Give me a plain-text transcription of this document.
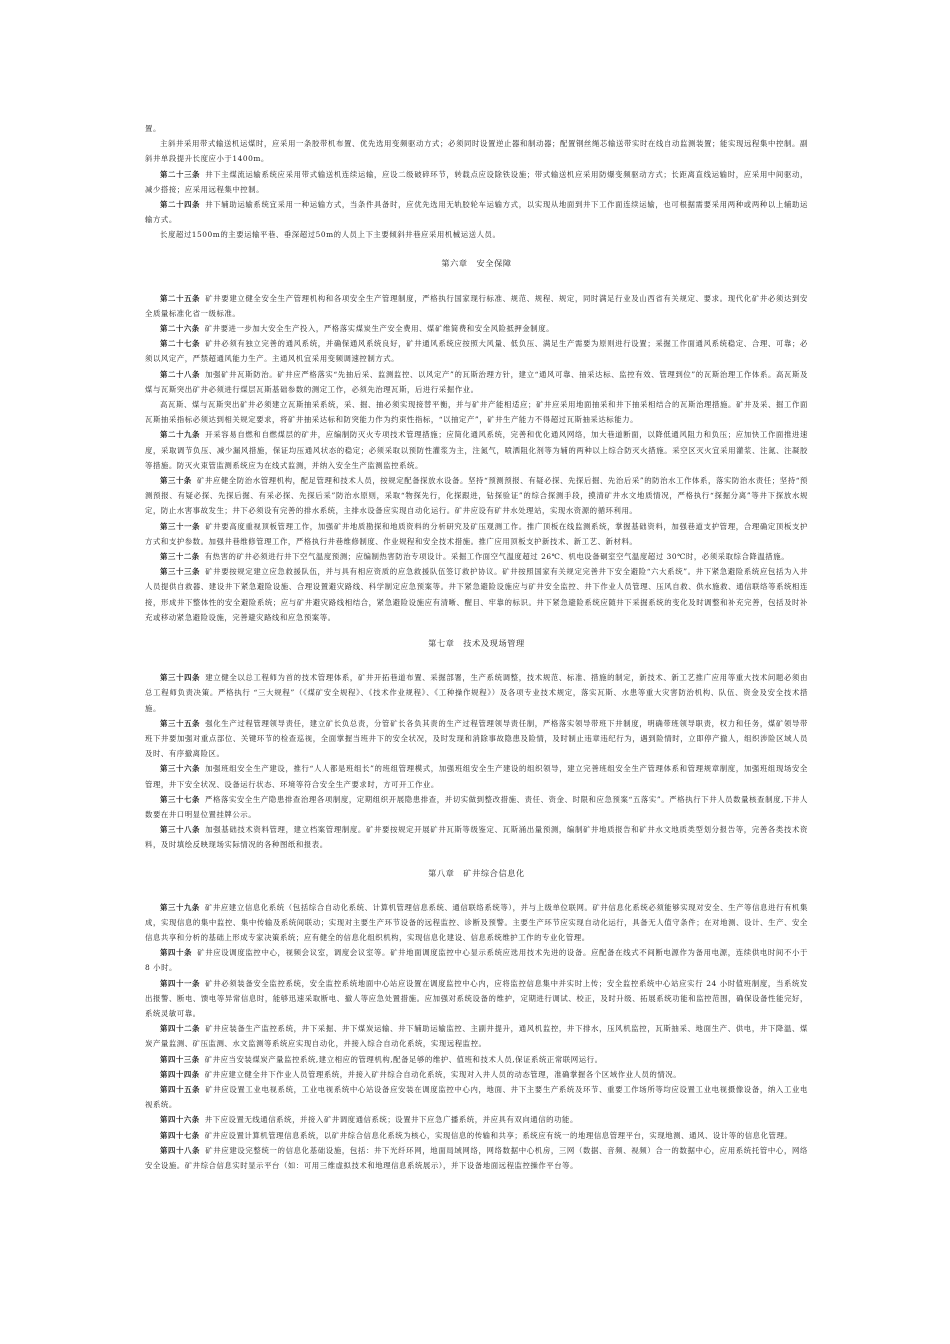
置。

主斜井采用带式输送机运煤时，应采用一条胶带机布置、优先选用变频驱动方式；必须同时设置逆止器和制动器；配置钢丝绳芯输送带实时在线自动监测装置；能实现远程集中控制。副斜井单段提升长度应小于1400m。

第二十三条 井下主煤流运输系统应采用带式输送机连续运输，应设二级破碎环节，转载点应设除铁设施；带式输送机应采用防爆变频驱动方式；长距离直线运输时，应采用中间驱动，减少搭接；应采用远程集中控制。

第二十四条 井下辅助运输系统宜采用一种运输方式，当条件具备时，应优先选用无轨胶轮车运输方式，以实现从地面到井下工作面连续运输，也可根据需要采用两种或两种以上辅助运输方式。

长度超过1500m的主要运输平巷、垂深超过50m的人员上下主要倾斜井巷应采用机械运送人员。

第六章　安全保障

第二十五条 矿井要建立健全安全生产管理机构和各项安全生产管理制度，严格执行国家现行标准、规范、规程、规定，同时满足行业及山西省有关规定、要求。现代化矿井必须达到安全质量标准化省一级标准。

第二十六条 矿井要进一步加大安全生产投入，严格落实煤炭生产安全费用、煤矿维简费和安全风险抵押金制度。

第二十七条 矿井必须有独立完善的通风系统，并确保通风系统良好，矿井通风系统应按照大风量、低负压、满足生产需要为原则进行设置；采掘工作面通风系统稳定、合理、可靠；必须以风定产，严禁超通风能力生产。主通风机宜采用变频调速控制方式。

第二十八条 加强矿井瓦斯防治。矿井应严格落实“先抽后采、监测监控、以风定产”的瓦斯治理方针，建立“通风可靠、抽采达标、监控有效、管理到位”的瓦斯治理工作体系。高瓦斯及煤与瓦斯突出矿井必须进行煤层瓦斯基础参数的测定工作，必须先治理瓦斯，后进行采掘作业。

高瓦斯、煤与瓦斯突出矿井必须建立瓦斯抽采系统，采、掘、抽必须实现接替平衡，并与矿井产能相适应；矿井应采用地面抽采和井下抽采相结合的瓦斯治理措施。矿井及采、掘工作面瓦斯抽采指标必须达到相关规定要求，将矿井抽采达标和防突能力作为约束性指标，“以抽定产”，矿井生产能力不得超过瓦斯抽采达标能力。

第二十九条 开采容易自燃和自燃煤层的矿井，应编制防灭火专项技术管理措施；应简化通风系统，完善和优化通风网络，加大巷道断面，以降低通风阻力和负压；应加快工作面推进速度，采取调节负压、减少漏风措施，保证均压通风状态的稳定；必须采取以预防性灌浆为主，注氮气，喷洒阻化剂等为辅的两种以上综合防灭火措施。采空区灭火宜采用灌浆、注氮、注凝胶等措施。防灭火束管监测系统应为在线式监测，并纳入安全生产监测监控系统。

第三十条 矿井应健全防治水管理机构，配足管理和技术人员，按规定配备探放水设备。坚持“预测预报、有疑必探、先探后掘、先治后采”的防治水工作体系，落实防治水责任；坚持“预测预报、有疑必探、先探后掘、有采必探、先探后采”防治水原则，采取“物探先行，化探跟进，钻探验证”的综合探测手段，摸清矿井水文地质情况，严格执行“探掘分离”等井下探放水规定，防止水害事故发生；井下必须设有完善的排水系统，主排水设备应实现自动化运行。矿井应设有矿井水处理站，实现水资源的循环利用。

第三十一条 矿井要高度重视顶板管理工作，加强矿井地质勘探和地质资料的分析研究及矿压观测工作。推广顶板在线监测系统，掌握基础资料，加强巷道支护管理，合理确定顶板支护方式和支护参数。加强井巷维修管理工作，严格执行井巷维修制度、作业规程和安全技术措施。推广应用顶板支护新技术、新工艺、新材料。

第三十二条 有热害的矿井必须进行井下空气温度预测；应编制热害防治专项设计。采掘工作面空气温度超过 26℃、机电设备硐室空气温度超过 30℃时，必须采取综合降温措施。

第三十三条 矿井要按规定建立应急救援队伍，并与具有相应资质的应急救援队伍签订救护协议。矿井按照国家有关规定完善井下安全避险“六大系统”。井下紧急避险系统应包括为入井人员提供自救器、建设井下紧急避险设施、合理设置避灾路线、科学制定应急预案等。井下紧急避险设施应与矿井安全监控、井下作业人员管理、压风自救、供水施救、通信联络等系统相连接，形成井下整体性的安全避险系统；应与矿井避灾路线相结合，紧急避险设施应有清晰、醒目、牢靠的标识。井下紧急避险系统应随井下采掘系统的变化及时调整和补充完善，包括及时补充或移动紧急避险设施，完善避灾路线和应急预案等。

第七章　技术及现场管理

第三十四条 建立健全以总工程师为首的技术管理体系，矿井开拓巷道布置、采掘部署，生产系统调整，技术规范、标准、措施的制定，新技术、新工艺推广应用等重大技术问题必须由总工程师负责决策。严格执行 “三大规程”（《煤矿安全规程》、《技术作业规程》、《工种操作规程》）及各项专业技术规定，落实瓦斯、水患等重大灾害防治机构、队伍、资金及安全技术措施。

第三十五条 强化生产过程管理领导责任，建立矿长负总责，分管矿长各负其责的生产过程管理领导责任制，严格落实领导带班下井制度，明确带班领导职责，权力和任务，煤矿领导带班下井要加强对重点部位、关键环节的检查巡视，全面掌握当班井下的安全状况，及时发现和消除事故隐患及险情，及时制止违章违纪行为，遇到险情时，立即停产撤人，组织涉险区域人员及时、有序撤离险区。

第三十六条 加强班组安全生产建设，推行“人人都是班组长”的班组管理模式，加强班组安全生产建设的组织领导，建立完善班组安全生产管理体系和管理规章制度，加强班组现场安全管理，井下安全状况、设备运行状态、环境等符合安全生产要求时，方可开工作业。

第三十七条 严格落实安全生产隐患排查治理各项制度，定期组织开展隐患排查，并切实做到整改措施、责任、资金、时限和应急预案“五落实”。严格执行下井人员数量核查制度,下井人数要在井口明显位置挂牌公示。

第三十八条 加强基础技术资料管理，建立档案管理制度。矿井要按规定开展矿井瓦斯等级鉴定、瓦斯涌出量预测，编制矿井地质报告和矿井水文地质类型划分报告等，完善各类技术资料，及时填绘反映现场实际情况的各种图纸和报表。

第八章　矿井综合信息化

第三十九条 矿井应建立信息化系统（包括综合自动化系统、计算机管理信息系统、通信联络系统等），并与上级单位联网。矿井信息化系统必须能够实现对安全、生产等信息进行有机集成，实现信息的集中监控、集中传输及系统间联动；实现对主要生产环节设备的远程监控、诊断及预警。主要生产环节应实现自动化运行，具备无人值守条件；在对地测、设计、生产、安全信息共享和分析的基础上形成专家决策系统；应有健全的信息化组织机构，实现信息化建设、信息系统维护工作的专业化管理。

第四十条 矿井应设调度监控中心，视频会议室，调度会议室等。矿井地面调度监控中心显示系统应选用技术先进的设备。应配备在线式不间断电源作为备用电源，连续供电时间不小于 8 小时。

第四十一条 矿井必须装备安全监控系统，安全监控系统地面中心站应设置在调度监控中心内，应将监控信息集中并实时上传；安全监控系统中心站应实行 24 小时值班制度，当系统发出报警、断电、馈电等异常信息时，能够迅速采取断电、撤人等应急处置措施。应加强对系统设备的维护，定期进行调试、校正，及时升级、拓展系统功能和监控范围，确保设备性能完好，系统灵敏可靠。

第四十二条 矿井应装备生产监控系统，井下采掘、井下煤炭运输、井下辅助运输监控、主副井提升，通风机监控，井下排水，压风机监控，瓦斯抽采、地面生产、供电，井下降温、煤炭产量监测、矿压监测、水文监测等系统应实现自动化，并接入综合自动化系统，实现远程监控。

第四十三条 矿井应当安装煤炭产量监控系统,建立相应的管理机构,配备足够的维护、值班和技术人员,保证系统正常联网运行。

第四十四条 矿井应建立健全井下作业人员管理系统，并接入矿井综合自动化系统，实现对入井人员的动态管理，准确掌握各个区域作业人员的情况。

第四十五条 矿井应设置工业电视系统，工业电视系统中心站设备应安装在调度监控中心内，地面、井下主要生产系统及环节、重要工作场所等均应设置工业电视摄像设备，纳入工业电视系统。

第四十六条 井下应设置无线通信系统，并接入矿井调度通信系统；设置井下应急广播系统，并应具有双向通信的功能。

第四十七条 矿井应设置计算机管理信息系统，以矿井综合信息化系统为核心，实现信息的传输和共享；系统应有统一的地理信息管理平台，实现地测、通风、设计等的信息化管理。

第四十八条 矿井应建设完整统一的信息化基础设施，包括：井下光纤环网，地面局域网络，网络数据中心机房，三网（数据、音频、视频）合一的数据中心，应用系统托管中心，网络安全设施。矿井综合信息实时显示平台（如：可用三维虚拟技术和地理信息系统展示），并下设备地面远程监控操作平台等。
